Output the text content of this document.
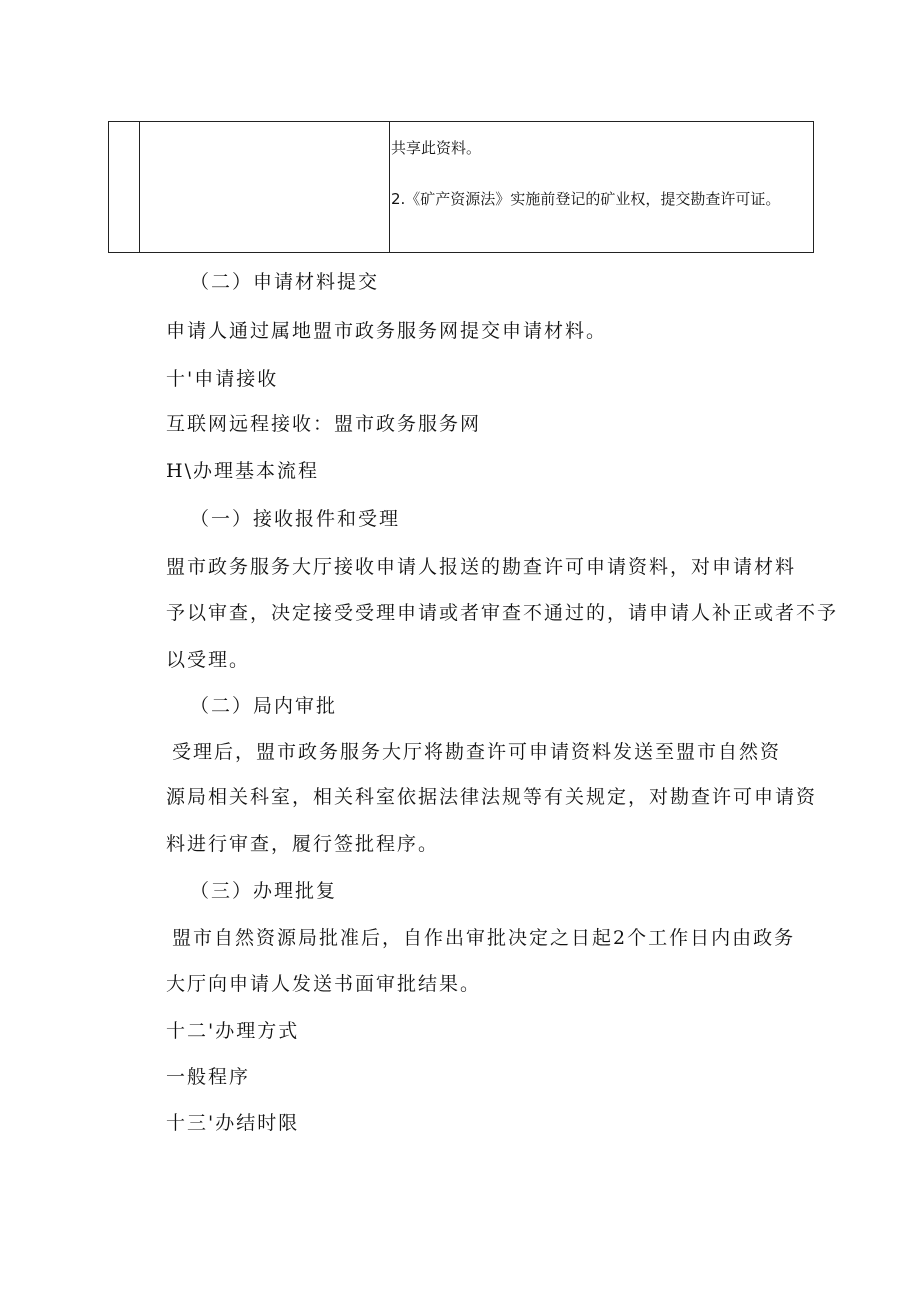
共享此资料。
2.《矿产资源法》实施前登记的矿业权，提交勘查许可证。
（二）申请材料提交
申请人通过属地盟市政务服务网提交申请材料。
十'申请接收
互联网远程接收：盟市政务服务网
H\办理基本流程
（一）接收报件和受理
盟市政务服务大厅接收申请人报送的勘查许可申请资料，对申请材料
予以审查，决定接受受理申请或者审查不通过的，请申请人补正或者不予
以受理。
（二）局内审批
受理后，盟市政务服务大厅将勘查许可申请资料发送至盟市自然资
源局相关科室，相关科室依据法律法规等有关规定，对勘查许可申请资
料进行审查，履行签批程序。
（三）办理批复
盟市自然资源局批准后，自作出审批决定之日起2个工作日内由政务
大厅向申请人发送书面审批结果。
十二'办理方式
一般程序
十三'办结时限
